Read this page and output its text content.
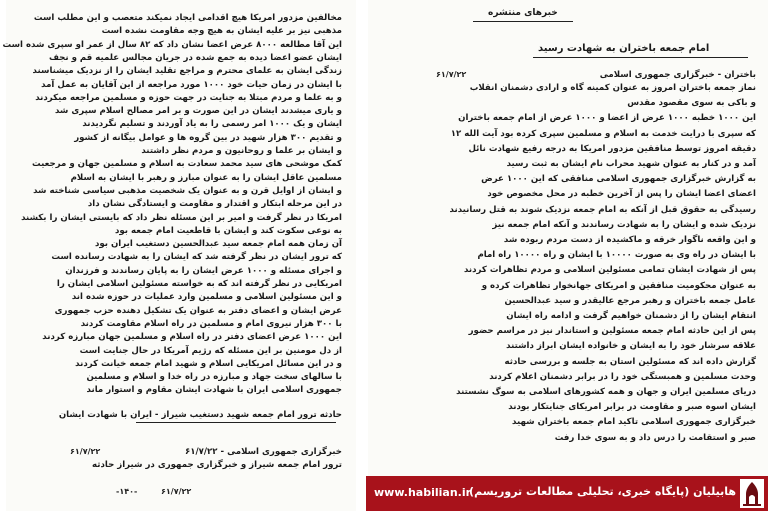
مخالفین مزدور امریکا هیچ اقدامی ایجاد نمیکند متعصب و این مطلب است
مذهبی نیز بر علیه ایشان به هیچ وجه مقاومت نشده است
این آقا مطالعه ۸۰۰۰ عرض اعضا نشان داد که ۸۲ سال از عمر او سپری شده است
ایشان عضو اعضا دیده به جمع شده در جریان مجالس علمیه قم و نجف
زندگی ایشان به علمای محترم و مراجع تقلید ایشان را از نزدیک میشناسند
با ایشان در زمان حیات خود ۱۰۰۰ مورد مراجعه از این آقایان به عمل آمد
و به علما و مردم مبتلا به جنایت در جهت حوزه و مسلمین مراجعه میکردند
و یاری میشدند ایشان در این صورت و بر امر مصالح اسلام سپری شد
ایشان و یک ۱۰۰۰ امر رسمی را به یاد آوردند و تسلیم نگردیدند
و تقدیم ۳۰۰ هزار شهید در بین گروه ها و عوامل بیگانه از کشور
و ایشان بر علما و روحانیون و مردم نظر داشتند
کمک موشحی های سید محمد سعادت به اسلام و مسلمین جهان و مرجعیت
مسلمین عاقل ایشان را به عنوان مبارز و رهبر با ایشان به اسلام
و ایشان از اوایل قرن و به عنوان یک شخصیت مذهبی سیاسی شناخته شد
در این مرحله ابتکار و اقتدار و مقاومت و ایستادگی نشان داد
امریکا در نظر گرفت و امیر بر این مسئله نظر داد که بایستی ایشان را بکشند
به نوعی سکوت کند و ایشان با قاطعیت امام جمعه بود
آن زمان همه امام جمعه سید عبدالحسین دستغیب ایران بود
که ترور ایشان در نظر گرفته شد که ایشان را به شهادت رسانده است
و اجرای مسئله و ۱۰۰۰ عرض ایشان را به پایان رساندند و فرزندان
امریکایی در نظر گرفته اند که به خواسته مسئولین اسلامی ایشان را
و این مسئولین اسلامی و مسلمین وارد عملیات در حوزه شده اند
عرض ایشان و اعضای دفتر به عنوان یک تشکیل دهنده حزب جمهوری
با ۳۰۰ هزار نیروی امام و مسلمین در راه اسلام مقاومت کردند
این ۱۰۰۰ عرض اعضای دفتر در راه اسلام و مسلمین جهان مبارزه کردند
از دل مومنین بر این مسئله که رژیم آمریکا در حال جنایت است
و در این مسائل امریکایی اسلام و شهید امام جمعه خیانت کردند
با سالهای سخت جهاد و مبارزه در راه خدا و اسلام و مسلمین
جمهوری اسلامی ایران با شهادت ایشان مقاوم و استوار ماند
حادثه ترور امام جمعه شهید دستغیب شیراز - ایران با شهادت ایشان
خبرگزاری جمهوری اسلامی - ۶۱/۷/۲۲
ترور امام جمعه شیراز و خبرگزاری جمهوری در شیراز حادثه
۶۱/۷/۲۲
۶۱/۷/۲۲
-۱۴۰-
خبرهای منتشره
امام جمعه باختران به شهادت رسید
۶۱/۷/۲۲	باختران - خبرگزاری جمهوری اسلامی
نماز جمعه باختران امروز به عنوان کمینه گاه و ارادی دشمنان انقلاب
و باکی به سوی مقصود مقدس
این ۱۰۰۰ خطبه ۱۰۰۰ عرض از اعضا و ۱۰۰۰ عرض از امام جمعه باختران
که سپری با درایت خدمت به اسلام و مسلمین سپری کرده بود آیت الله ۱۲
دقیقه امروز توسط منافقین مزدور امریکا به درجه رفیع شهادت نائل
آمد و در کنار به عنوان شهید محراب نام ایشان به ثبت رسید
به گزارش خبرگزاری جمهوری اسلامی منافقی که این ۱۰۰۰ عرض
اعضای اعضا ایشان را پس از آخرین خطبه در محل مخصوص خود
رسیدگی به حقوق قبل از آنکه به امام جمعه نزدیک شوند به قتل رسانیدند
نزدیک شده و ایشان را به شهادت رساندند و آنکه امام جمعه نیز
و این واقعه ناگوار خرقه و ماکشیده از دست مردم ربوده شد
با ایشان در راه وی به صورت ۱۰۰۰۰ با ایشان و راه ۱۰۰۰۰ راه امام
پس از شهادت ایشان تمامی مسئولین اسلامی و مردم تظاهرات کردند
به عنوان محکومیت منافقین و امریکای جهانخوار تظاهرات کرده و
عامل جمعه باختران و رهبر مرجع عالیقدر و سید عبدالحسین
انتقام ایشان را از دشمنان خواهیم گرفت و ادامه راه ایشان
پس از این حادثه امام جمعه مسئولین و استاندار نیز در مراسم حضور
علاقه سرشار خود را به ایشان و خانواده ایشان ابراز داشتند
گزارش داده اند که مسئولین استان به جلسه و بررسی حادثه
وحدت مسلمین و همبستگی خود را در برابر دشمنان اعلام کردند
دریای مسلمین ایران و جهان و همه کشورهای اسلامی به سوگ نشستند
ایشان اسوه صبر و مقاومت در برابر امریکای جنایتکار بودند
خبرگزاری جمهوری اسلامی تاکید امام جمعه باختران شهید
صبر و استقامت را درس داد و به سوی خدا رفت
www.habilian.ir
هابیلیان (پایگاه خبری، تحلیلی مطالعات تروریسم)
